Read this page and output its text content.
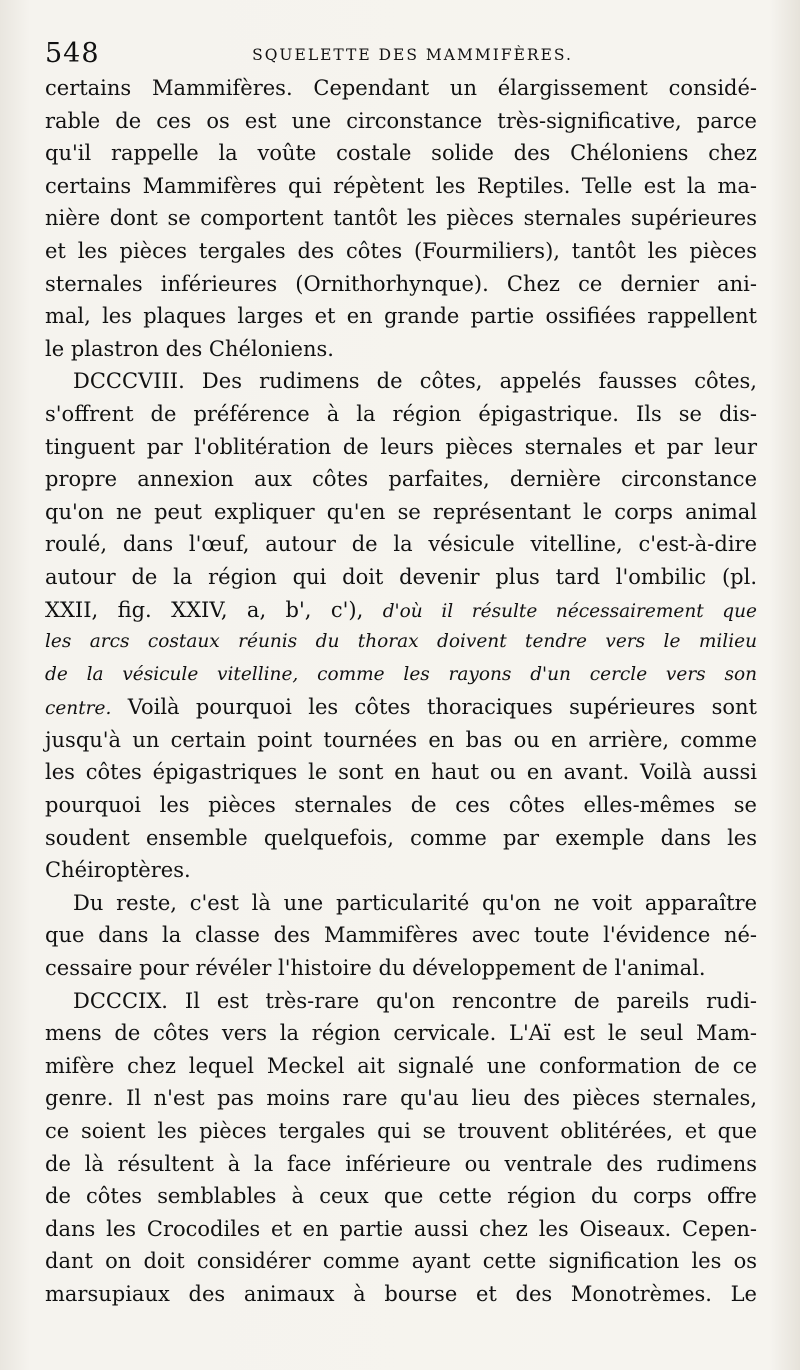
548	SQUELETTE DES MAMMIFÈRES.
certains Mammifères. Cependant un élargissement considé-
rable de ces os est une circonstance très-significative, parce
qu'il rappelle la voûte costale solide des Chéloniens chez
certains Mammifères qui répètent les Reptiles. Telle est la ma-
nière dont se comportent tantôt les pièces sternales supérieures
et les pièces tergales des côtes (Fourmiliers), tantôt les pièces
sternales inférieures (Ornithorhynque). Chez ce dernier ani-
mal, les plaques larges et en grande partie ossifiées rappellent
le plastron des Chéloniens.
DCCCVIII. Des rudimens de côtes, appelés fausses côtes,
s'offrent de préférence à la région épigastrique. Ils se dis-
tinguent par l'oblitération de leurs pièces sternales et par leur
propre annexion aux côtes parfaites, dernière circonstance
qu'on ne peut expliquer qu'en se représentant le corps animal
roulé, dans l'œuf, autour de la vésicule vitelline, c'est-à-dire
autour de la région qui doit devenir plus tard l'ombilic (pl.
XXII, fig. XXIV, a, b', c'), d'où il résulte nécessairement que
les arcs costaux réunis du thorax doivent tendre vers le milieu
de la vésicule vitelline, comme les rayons d'un cercle vers son
centre. Voilà pourquoi les côtes thoraciques supérieures sont
jusqu'à un certain point tournées en bas ou en arrière, comme
les côtes épigastriques le sont en haut ou en avant. Voilà aussi
pourquoi les pièces sternales de ces côtes elles-mêmes se
soudent ensemble quelquefois, comme par exemple dans les
Chéiroptères.
Du reste, c'est là une particularité qu'on ne voit apparaître
que dans la classe des Mammifères avec toute l'évidence né-
cessaire pour révéler l'histoire du développement de l'animal.
DCCCIX. Il est très-rare qu'on rencontre de pareils rudi-
mens de côtes vers la région cervicale. L'Aï est le seul Mam-
mifère chez lequel Meckel ait signalé une conformation de ce
genre. Il n'est pas moins rare qu'au lieu des pièces sternales,
ce soient les pièces tergales qui se trouvent oblitérées, et que
de là résultent à la face inférieure ou ventrale des rudimens
de côtes semblables à ceux que cette région du corps offre
dans les Crocodiles et en partie aussi chez les Oiseaux. Cepen-
dant on doit considérer comme ayant cette signification les os
marsupiaux des animaux à bourse et des Monotrèmes. Le
